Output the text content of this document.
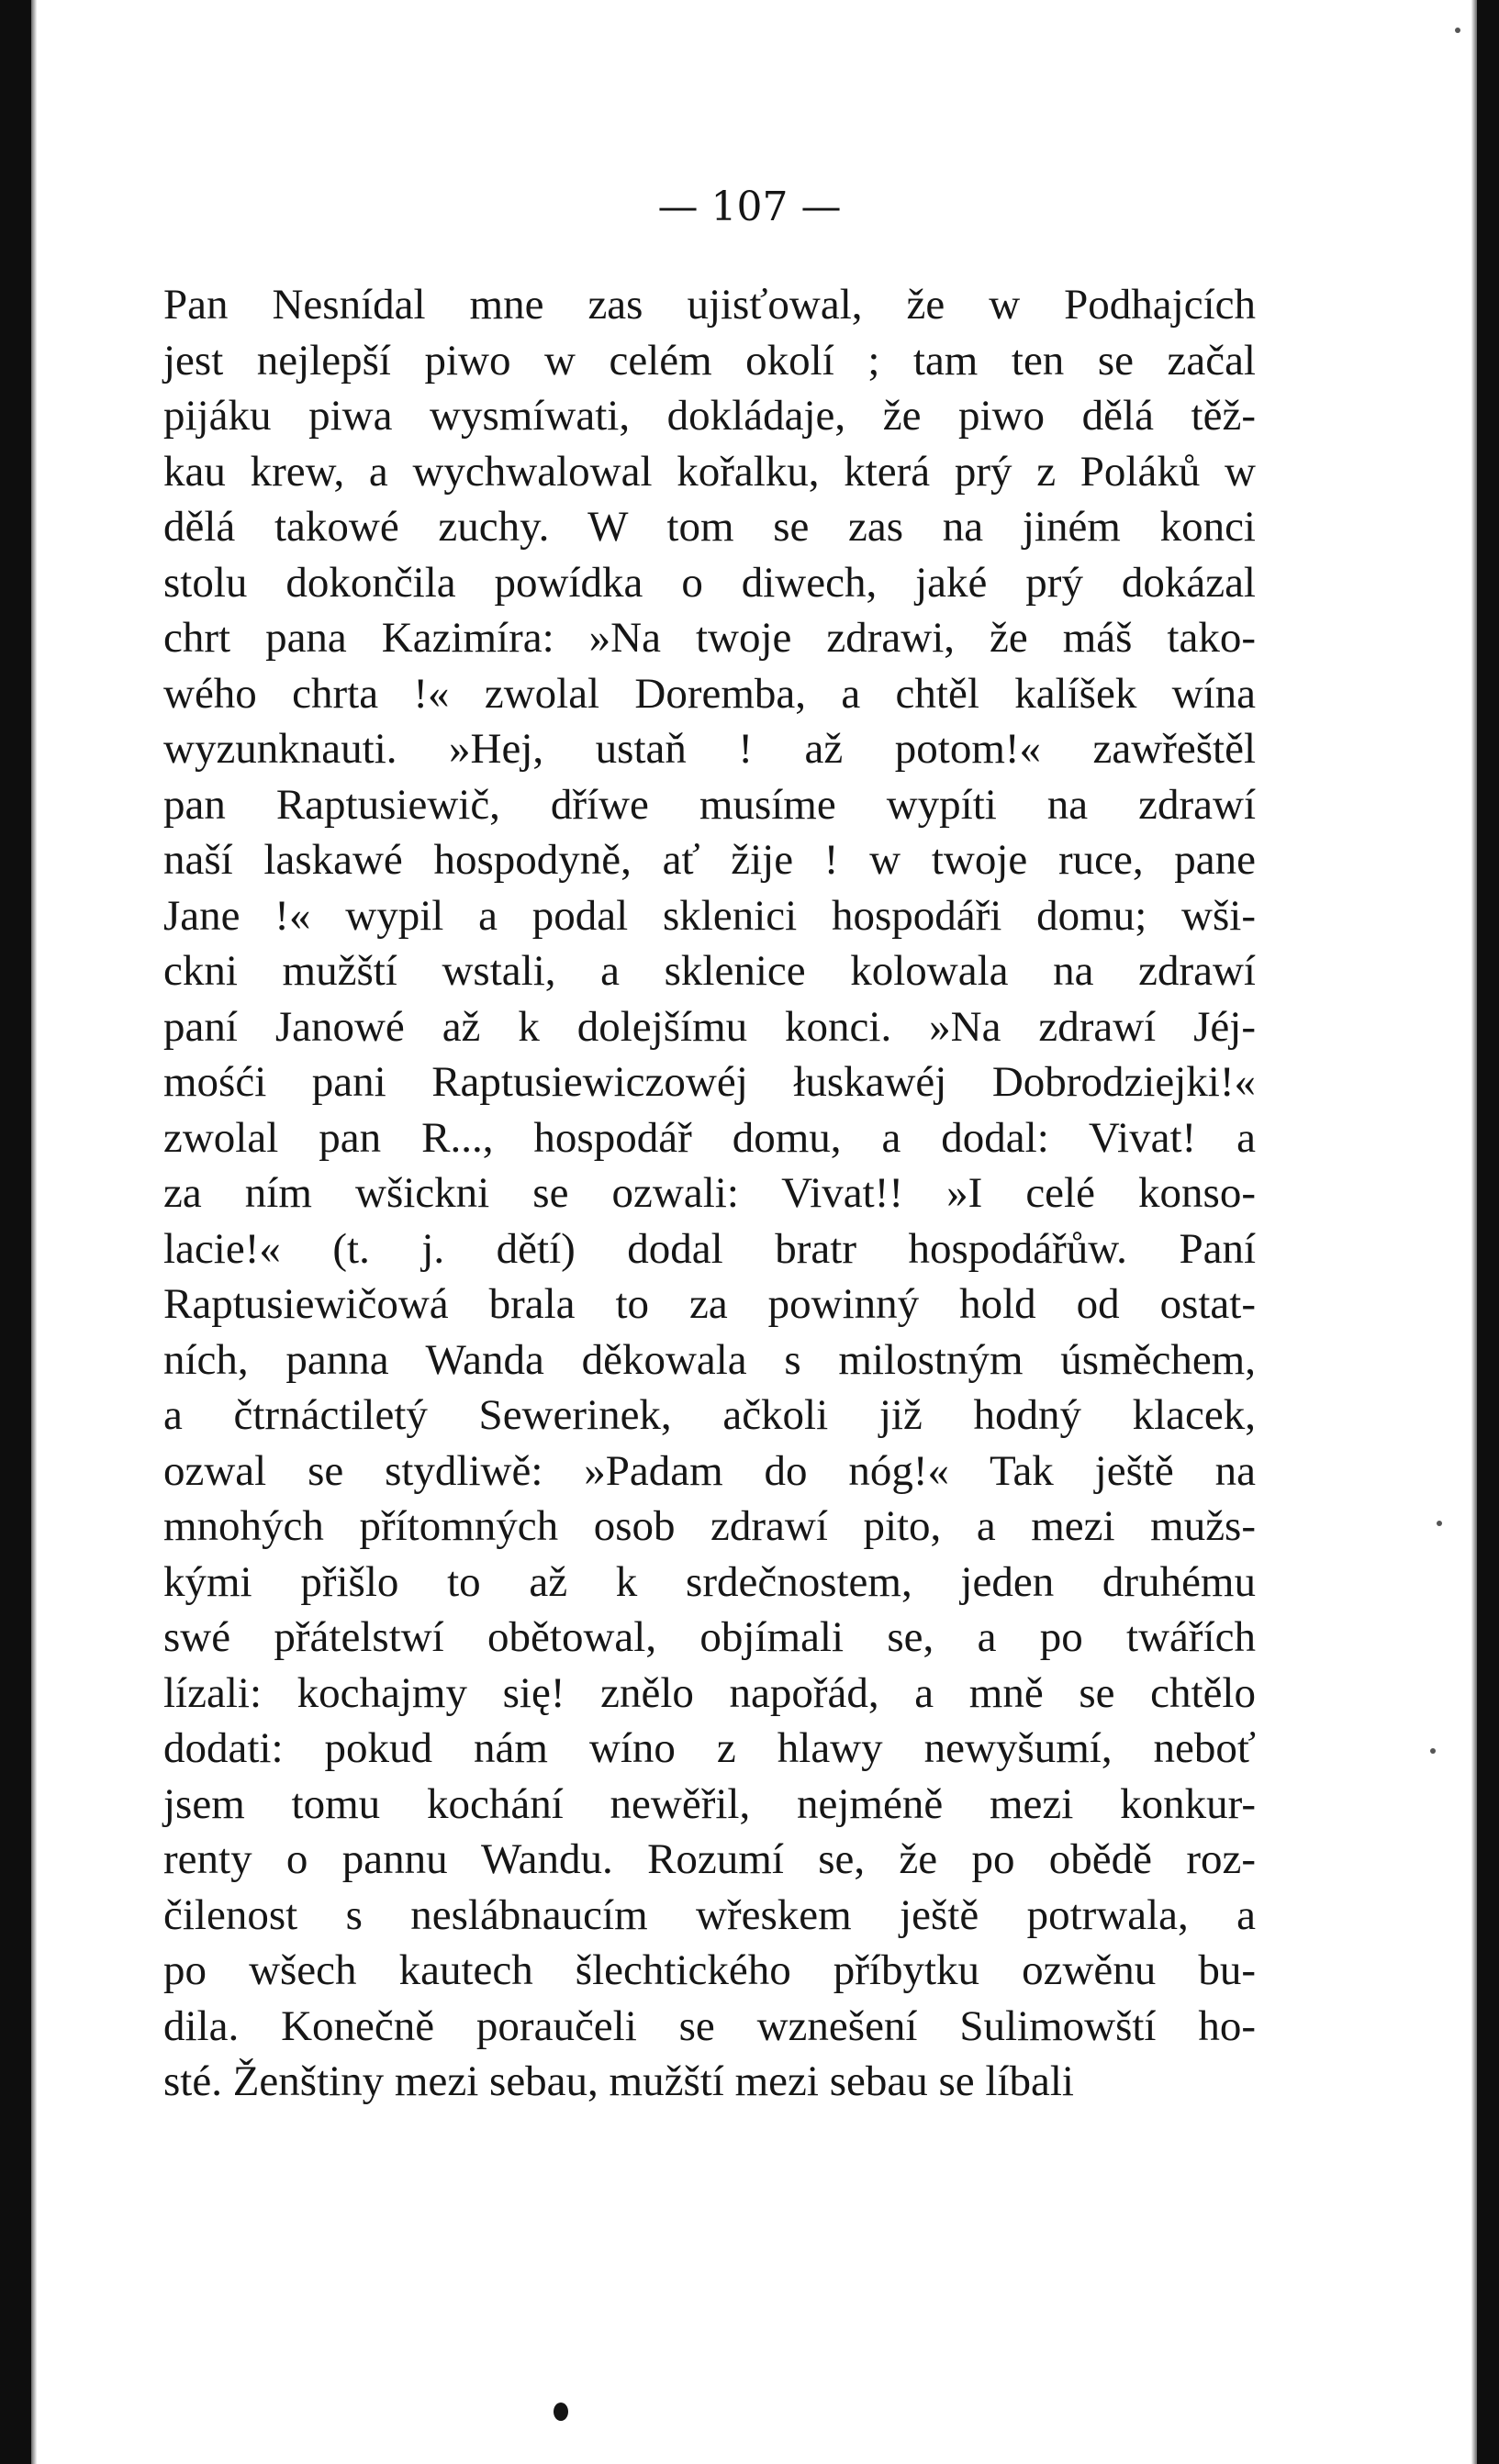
— 107 —
Pan Nesnídal mne zas ujisťowal, že w Podhajcích
jest nejlepší piwo w celém okolí ; tam ten se začal
pijáku piwa wysmíwati, dokládaje, že piwo dělá těž-
kau krew, a wychwalowal kořalku, která prý z Poláků w
dělá takowé zuchy. W tom se zas na jiném konci
stolu dokončila powídka o diwech, jaké prý dokázal
chrt pana Kazimíra: »Na twoje zdrawi, že máš tako-
wého chrta !« zwolal Doremba, a chtěl kalíšek wína
wyzunknauti. »Hej, ustaň ! až potom!« zawřeštěl
pan Raptusiewič, dříwe musíme wypíti na zdrawí
naší laskawé hospodyně, ať žije ! w twoje ruce, pane
Jane !« wypil a podal sklenici hospodáři domu; wši-
ckni mužští wstali, a sklenice kolowala na zdrawí
paní Janowé až k dolejšímu konci. »Na zdrawí Jéj-
mośći pani Raptusiewiczowéj łuskawéj Dobrodziejki!«
zwolal pan R..., hospodář domu, a dodal: Vivat! a
za ním wšickni se ozwali: Vivat!! »I celé konso-
lacie!« (t. j. dětí) dodal bratr hospodářůw. Paní
Raptusiewičowá brala to za powinný hold od ostat-
ních, panna Wanda děkowala s milostným úsměchem,
a čtrnáctiletý Sewerinek, ačkoli již hodný klacek,
ozwal se stydliwě: »Padam do nóg!« Tak ještě na
mnohých přítomných osob zdrawí pito, a mezi mužs-
kými přišlo to až k srdečnostem, jeden druhému
swé přátelstwí obětowal, objímali se, a po twářích
lízali: kochajmy się! znělo napořád, a mně se chtělo
dodati: pokud nám wíno z hlawy newyšumí, neboť
jsem tomu kochání newěřil, nejméně mezi konkur-
renty o pannu Wandu. Rozumí se, že po obědě roz-
čilenost s neslábnaucím wřeskem ještě potrwala, a
po wšech kautech šlechtického příbytku ozwěnu bu-
dila. Konečně poraučeli se wznešení Sulimowští ho-
sté. Ženštiny mezi sebau, mužští mezi sebau se líbali
